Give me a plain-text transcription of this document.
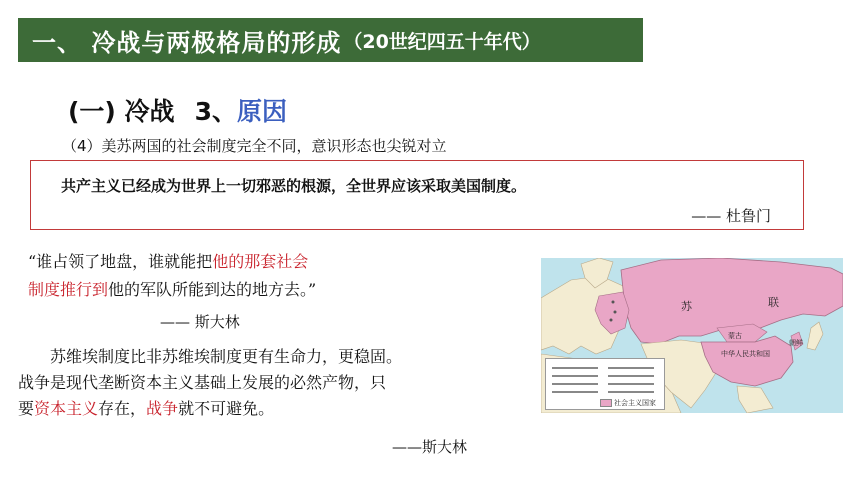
一、 冷战与两极格局的形成 （20世纪四五十年代）
(一) 冷战 3、原因
（4）美苏两国的社会制度完全不同，意识形态也尖锐对立
共产主义已经成为世界上一切邪恶的根源，全世界应该采取美国制度。
—— 杜鲁门
“谁占领了地盘，谁就能把他的那套社会
制度推行到他的军队所能到达的地方去。”
—— 斯大林
苏维埃制度比非苏维埃制度更有生命力，更稳固。
战争是现代垄断资本主义基础上发展的必然产物，只
要资本主义存在，战争就不可避免。
——斯大林
苏	联
中华人民共和国
蒙古
朝鲜
社会主义国家
